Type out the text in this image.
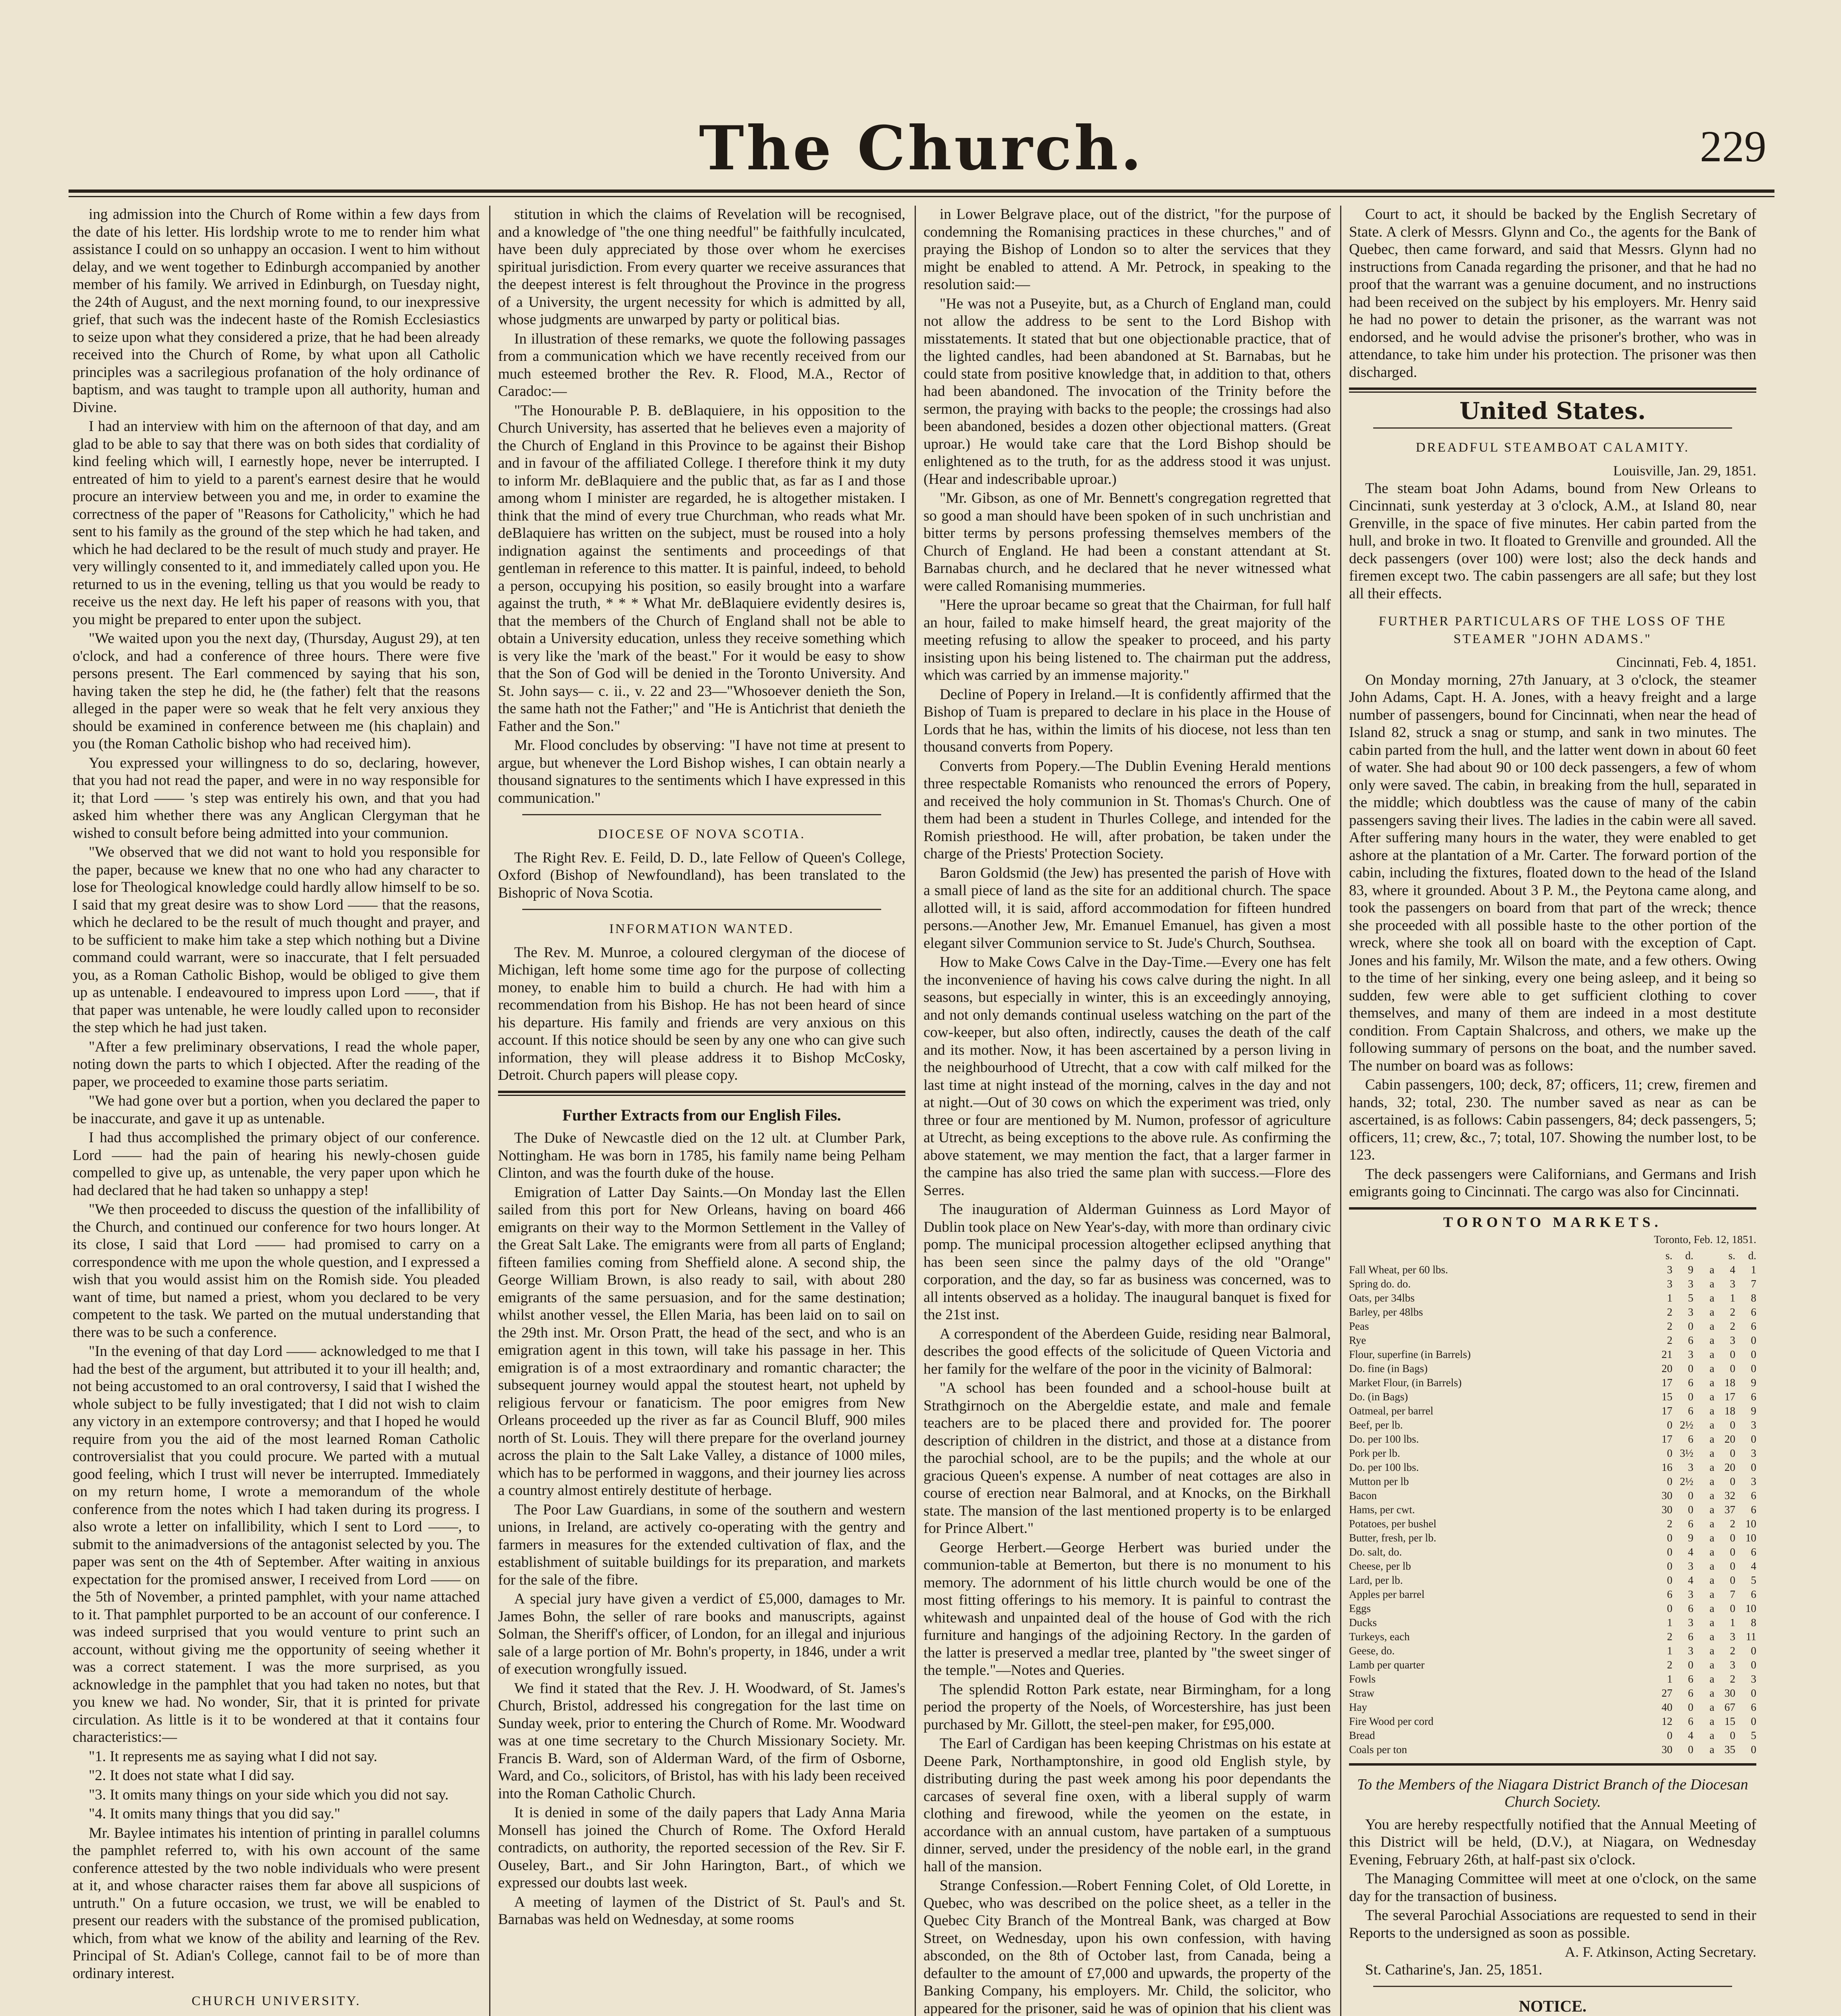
The Church.	229

ing admission into the Church of Rome within a few days from the date of his letter. His lordship wrote to me to render him what assistance I could on so unhappy an occasion. I went to him without delay, and we went together to Edinburgh accompanied by another member of his family. We arrived in Edinburgh, on Tuesday night, the 24th of August, and the next morning found, to our inexpressive grief, that such was the indecent haste of the Romish Ecclesiastics to seize upon what they considered a prize, that he had been already received into the Church of Rome, by what upon all Catholic principles was a sacrilegious profanation of the holy ordinance of baptism, and was taught to trample upon all authority, human and Divine.

I had an interview with him on the afternoon of that day, and am glad to be able to say that there was on both sides that cordiality of kind feeling which will, I earnestly hope, never be interrupted. I entreated of him to yield to a parent's earnest desire that he would procure an interview between you and me, in order to examine the correctness of the paper of "Reasons for Catholicity," which he had sent to his family as the ground of the step which he had taken, and which he had declared to be the result of much study and prayer. He very willingly consented to it, and immediately called upon you. He returned to us in the evening, telling us that you would be ready to receive us the next day. He left his paper of reasons with you, that you might be prepared to enter upon the subject.

"We waited upon you the next day, (Thursday, August 29), at ten o'clock, and had a conference of three hours. There were five persons present. The Earl commenced by saying that his son, having taken the step he did, he (the father) felt that the reasons alleged in the paper were so weak that he felt very anxious they should be examined in conference between me (his chaplain) and you (the Roman Catholic bishop who had received him).

You expressed your willingness to do so, declaring, however, that you had not read the paper, and were in no way responsible for it; that Lord —— 's step was entirely his own, and that you had asked him whether there was any Anglican Clergyman that he wished to consult before being admitted into your communion.

"We observed that we did not want to hold you responsible for the paper, because we knew that no one who had any character to lose for Theological knowledge could hardly allow himself to be so. I said that my great desire was to show Lord —— that the reasons, which he declared to be the result of much thought and prayer, and to be sufficient to make him take a step which nothing but a Divine command could warrant, were so inaccurate, that I felt persuaded you, as a Roman Catholic Bishop, would be obliged to give them up as untenable. I endeavoured to impress upon Lord ——, that if that paper was untenable, he were loudly called upon to reconsider the step which he had just taken.

"After a few preliminary observations, I read the whole paper, noting down the parts to which I objected. After the reading of the paper, we proceeded to examine those parts seriatim.

"We had gone over but a portion, when you declared the paper to be inaccurate, and gave it up as untenable.

I had thus accomplished the primary object of our conference. Lord —— had the pain of hearing his newly-chosen guide compelled to give up, as untenable, the very paper upon which he had declared that he had taken so unhappy a step!

"We then proceeded to discuss the question of the infallibility of the Church, and continued our conference for two hours longer. At its close, I said that Lord —— had promised to carry on a correspondence with me upon the whole question, and I expressed a wish that you would assist him on the Romish side. You pleaded want of time, but named a priest, whom you declared to be very competent to the task. We parted on the mutual understanding that there was to be such a conference.

"In the evening of that day Lord —— acknowledged to me that I had the best of the argument, but attributed it to your ill health; and, not being accustomed to an oral controversy, I said that I wished the whole subject to be fully investigated; that I did not wish to claim any victory in an extempore controversy; and that I hoped he would require from you the aid of the most learned Roman Catholic controversialist that you could procure. We parted with a mutual good feeling, which I trust will never be interrupted. Immediately on my return home, I wrote a memorandum of the whole conference from the notes which I had taken during its progress. I also wrote a letter on infallibility, which I sent to Lord ——, to submit to the animadversions of the antagonist selected by you. The paper was sent on the 4th of September. After waiting in anxious expectation for the promised answer, I received from Lord —— on the 5th of November, a printed pamphlet, with your name attached to it. That pamphlet purported to be an account of our conference. I was indeed surprised that you would venture to print such an account, without giving me the opportunity of seeing whether it was a correct statement. I was the more surprised, as you acknowledge in the pamphlet that you had taken no notes, but that you knew we had. No wonder, Sir, that it is printed for private circulation. As little is it to be wondered at that it contains four characteristics:—

"1. It represents me as saying what I did not say.

"2. It does not state what I did say.

"3. It omits many things on your side which you did not say.

"4. It omits many things that you did say."

Mr. Baylee intimates his intention of printing in parallel columns the pamphlet referred to, with his own account of the same conference attested by the two noble individuals who were present at it, and whose character raises them far above all suspicions of untruth." On a future occasion, we trust, we will be enabled to present our readers with the substance of the promised publication, which, from what we know of the ability and learning of the Rev. Principal of St. Adian's College, cannot fail to be of more than ordinary interest.

CHURCH UNIVERSITY.

stitution in which the claims of Revelation will be recognised, and a knowledge of "the one thing needful" be faithfully inculcated, have been duly appreciated by those over whom he exercises spiritual jurisdiction. From every quarter we receive assurances that the deepest interest is felt throughout the Province in the progress of a University, the urgent necessity for which is admitted by all, whose judgments are unwarped by party or political bias.

In illustration of these remarks, we quote the following passages from a communication which we have recently received from our much esteemed brother the Rev. R. Flood, M.A., Rector of Caradoc:—

"The Honourable P. B. deBlaquiere, in his opposition to the Church University, has asserted that he believes even a majority of the Church of England in this Province to be against their Bishop and in favour of the affiliated College. I therefore think it my duty to inform Mr. deBlaquiere and the public that, as far as I and those among whom I minister are regarded, he is altogether mistaken. I think that the mind of every true Churchman, who reads what Mr. deBlaquiere has written on the subject, must be roused into a holy indignation against the sentiments and proceedings of that gentleman in reference to this matter. It is painful, indeed, to behold a person, occupying his position, so easily brought into a warfare against the truth, * * * What Mr. deBlaquiere evidently desires is, that the members of the Church of England shall not be able to obtain a University education, unless they receive something which is very like the 'mark of the beast.'' For it would be easy to show that the Son of God will be denied in the Toronto University. And St. John says— c. ii., v. 22 and 23—"Whosoever denieth the Son, the same hath not the Father;" and "He is Antichrist that denieth the Father and the Son."

Mr. Flood concludes by observing: "I have not time at present to argue, but whenever the Lord Bishop wishes, I can obtain nearly a thousand signatures to the sentiments which I have expressed in this communication."

DIOCESE OF NOVA SCOTIA.

The Right Rev. E. Feild, D. D., late Fellow of Queen's College, Oxford (Bishop of Newfoundland), has been translated to the Bishopric of Nova Scotia.

INFORMATION WANTED.

The Rev. M. Munroe, a coloured clergyman of the diocese of Michigan, left home some time ago for the purpose of collecting money, to enable him to build a church. He had with him a recommendation from his Bishop. He has not been heard of since his departure. His family and friends are very anxious on this account. If this notice should be seen by any one who can give such information, they will please address it to Bishop McCosky, Detroit. Church papers will please copy.

Further Extracts from our English Files.

The Duke of Newcastle died on the 12 ult. at Clumber Park, Nottingham. He was born in 1785, his family name being Pelham Clinton, and was the fourth duke of the house.

Emigration of Latter Day Saints.—On Monday last the Ellen sailed from this port for New Orleans, having on board 466 emigrants on their way to the Mormon Settlement in the Valley of the Great Salt Lake. The emigrants were from all parts of England; fifteen families coming from Sheffield alone. A second ship, the George William Brown, is also ready to sail, with about 280 emigrants of the same persuasion, and for the same destination; whilst another vessel, the Ellen Maria, has been laid on to sail on the 29th inst. Mr. Orson Pratt, the head of the sect, and who is an emigration agent in this town, will take his passage in her. This emigration is of a most extraordinary and romantic character; the subsequent journey would appal the stoutest heart, not upheld by religious fervour or fanaticism. The poor emigres from New Orleans proceeded up the river as far as Council Bluff, 900 miles north of St. Louis. They will there prepare for the overland journey across the plain to the Salt Lake Valley, a distance of 1000 miles, which has to be performed in waggons, and their journey lies across a country almost entirely destitute of herbage.

The Poor Law Guardians, in some of the southern and western unions, in Ireland, are actively co-operating with the gentry and farmers in measures for the extended cultivation of flax, and the establishment of suitable buildings for its preparation, and markets for the sale of the fibre.

A special jury have given a verdict of £5,000, damages to Mr. James Bohn, the seller of rare books and manuscripts, against Solman, the Sheriff's officer, of London, for an illegal and injurious sale of a large portion of Mr. Bohn's property, in 1846, under a writ of execution wrongfully issued.

We find it stated that the Rev. J. H. Woodward, of St. James's Church, Bristol, addressed his congregation for the last time on Sunday week, prior to entering the Church of Rome. Mr. Woodward was at one time secretary to the Church Missionary Society. Mr. Francis B. Ward, son of Alderman Ward, of the firm of Osborne, Ward, and Co., solicitors, of Bristol, has with his lady been received into the Roman Catholic Church.

It is denied in some of the daily papers that Lady Anna Maria Monsell has joined the Church of Rome. The Oxford Herald contradicts, on authority, the reported secession of the Rev. Sir F. Ouseley, Bart., and Sir John Harington, Bart., of which we expressed our doubts last week.

A meeting of laymen of the District of St. Paul's and St. Barnabas was held on Wednesday, at some rooms

in Lower Belgrave place, out of the district, "for the purpose of condemning the Romanising practices in these churches," and of praying the Bishop of London so to alter the services that they might be enabled to attend. A Mr. Petrock, in speaking to the resolution said:—

"He was not a Puseyite, but, as a Church of England man, could not allow the address to be sent to the Lord Bishop with misstatements. It stated that but one objectionable practice, that of the lighted candles, had been abandoned at St. Barnabas, but he could state from positive knowledge that, in addition to that, others had been abandoned. The invocation of the Trinity before the sermon, the praying with backs to the people; the crossings had also been abandoned, besides a dozen other objectional matters. (Great uproar.) He would take care that the Lord Bishop should be enlightened as to the truth, for as the address stood it was unjust. (Hear and indescribable uproar.)

"Mr. Gibson, as one of Mr. Bennett's congregation regretted that so good a man should have been spoken of in such unchristian and bitter terms by persons professing themselves members of the Church of England. He had been a constant attendant at St. Barnabas church, and he declared that he never witnessed what were called Romanising mummeries.

"Here the uproar became so great that the Chairman, for full half an hour, failed to make himself heard, the great majority of the meeting refusing to allow the speaker to proceed, and his party insisting upon his being listened to. The chairman put the address, which was carried by an immense majority."

Decline of Popery in Ireland.—It is confidently affirmed that the Bishop of Tuam is prepared to declare in his place in the House of Lords that he has, within the limits of his diocese, not less than ten thousand converts from Popery.

Converts from Popery.—The Dublin Evening Herald mentions three respectable Romanists who renounced the errors of Popery, and received the holy communion in St. Thomas's Church. One of them had been a student in Thurles College, and intended for the Romish priesthood. He will, after probation, be taken under the charge of the Priests' Protection Society.

Baron Goldsmid (the Jew) has presented the parish of Hove with a small piece of land as the site for an additional church. The space allotted will, it is said, afford accommodation for fifteen hundred persons.—Another Jew, Mr. Emanuel Emanuel, has given a most elegant silver Communion service to St. Jude's Church, Southsea.

How to Make Cows Calve in the Day-Time.—Every one has felt the inconvenience of having his cows calve during the night. In all seasons, but especially in winter, this is an exceedingly annoying, and not only demands continual useless watching on the part of the cow-keeper, but also often, indirectly, causes the death of the calf and its mother. Now, it has been ascertained by a person living in the neighbourhood of Utrecht, that a cow with calf milked for the last time at night instead of the morning, calves in the day and not at night.—Out of 30 cows on which the experiment was tried, only three or four are mentioned by M. Numon, professor of agriculture at Utrecht, as being exceptions to the above rule. As confirming the above statement, we may mention the fact, that a larger farmer in the campine has also tried the same plan with success.—Flore des Serres.

The inauguration of Alderman Guinness as Lord Mayor of Dublin took place on New Year's-day, with more than ordinary civic pomp. The municipal procession altogether eclipsed anything that has been seen since the palmy days of the old "Orange" corporation, and the day, so far as business was concerned, was to all intents observed as a holiday. The inaugural banquet is fixed for the 21st inst.

A correspondent of the Aberdeen Guide, residing near Balmoral, describes the good effects of the solicitude of Queen Victoria and her family for the welfare of the poor in the vicinity of Balmoral:

"A school has been founded and a school-house built at Strathgirnoch on the Abergeldie estate, and male and female teachers are to be placed there and provided for. The poorer description of children in the district, and those at a distance from the parochial school, are to be the pupils; and the whole at our gracious Queen's expense. A number of neat cottages are also in course of erection near Balmoral, and at Knocks, on the Birkhall state. The mansion of the last mentioned property is to be enlarged for Prince Albert."

George Herbert.—George Herbert was buried under the communion-table at Bemerton, but there is no monument to his memory. The adornment of his little church would be one of the most fitting offerings to his memory. It is painful to contrast the whitewash and unpainted deal of the house of God with the rich furniture and hangings of the adjoining Rectory. In the garden of the latter is preserved a medlar tree, planted by "the sweet singer of the temple."—Notes and Queries.

The splendid Rotton Park estate, near Birmingham, for a long period the property of the Noels, of Worcestershire, has just been purchased by Mr. Gillott, the steel-pen maker, for £95,000.

The Earl of Cardigan has been keeping Christmas on his estate at Deene Park, Northamptonshire, in good old English style, by distributing during the past week among his poor dependants the carcases of several fine oxen, with a liberal supply of warm clothing and firewood, while the yeomen on the estate, in accordance with an annual custom, have partaken of a sumptuous dinner, served, under the presidency of the noble earl, in the grand hall of the mansion.

Strange Confession.—Robert Fenning Colet, of Old Lorette, in Quebec, who was described on the police sheet, as a teller in the Quebec City Branch of the Montreal Bank, was charged at Bow Street, on Wednesday, upon his own confession, with having absconded, on the 8th of October last, from Canada, being a defaulter to the amount of £7,000 and upwards, the property of the Banking Company, his employers. Mr. Child, the solicitor, who appeared for the prisoner, said he was of opinion that his client was

Court to act, it should be backed by the English Secretary of State. A clerk of Messrs. Glynn and Co., the agents for the Bank of Quebec, then came forward, and said that Messrs. Glynn had no instructions from Canada regarding the prisoner, and that he had no proof that the warrant was a genuine document, and no instructions had been received on the subject by his employers. Mr. Henry said he had no power to detain the prisoner, as the warrant was not endorsed, and he would advise the prisoner's brother, who was in attendance, to take him under his protection. The prisoner was then discharged.

United States.
DREADFUL STEAMBOAT CALAMITY.
Louisville, Jan. 29, 1851.

The steam boat John Adams, bound from New Orleans to Cincinnati, sunk yesterday at 3 o'clock, A.M., at Island 80, near Grenville, in the space of five minutes. Her cabin parted from the hull, and broke in two. It floated to Grenville and grounded. All the deck passengers (over 100) were lost; also the deck hands and firemen except two. The cabin passengers are all safe; but they lost all their effects.

FURTHER PARTICULARS OF THE LOSS OF THE STEAMER "JOHN ADAMS."
Cincinnati, Feb. 4, 1851.

On Monday morning, 27th January, at 3 o'clock, the steamer John Adams, Capt. H. A. Jones, with a heavy freight and a large number of passengers, bound for Cincinnati, when near the head of Island 82, struck a snag or stump, and sank in two minutes. The cabin parted from the hull, and the latter went down in about 60 feet of water. She had about 90 or 100 deck passengers, a few of whom only were saved. The cabin, in breaking from the hull, separated in the middle; which doubtless was the cause of many of the cabin passengers saving their lives. The ladies in the cabin were all saved. After suffering many hours in the water, they were enabled to get ashore at the plantation of a Mr. Carter. The forward portion of the cabin, including the fixtures, floated down to the head of the Island 83, where it grounded. About 3 P. M., the Peytona came along, and took the passengers on board from that part of the wreck; thence she proceeded with all possible haste to the other portion of the wreck, where she took all on board with the exception of Capt. Jones and his family, Mr. Wilson the mate, and a few others. Owing to the time of her sinking, every one being asleep, and it being so sudden, few were able to get sufficient clothing to cover themselves, and many of them are indeed in a most destitute condition. From Captain Shalcross, and others, we make up the following summary of persons on the boat, and the number saved. The number on board was as follows:

Cabin passengers, 100; deck, 87; officers, 11; crew, firemen and hands, 32; total, 230. The number saved as near as can be ascertained, is as follows: Cabin passengers, 84; deck passengers, 5; officers, 11; crew, &c., 7; total, 107. Showing the number lost, to be 123.

The deck passengers were Californians, and Germans and Irish emigrants going to Cincinnati. The cargo was also for Cincinnati.

TORONTO MARKETS.
Toronto, Feb. 12, 1851.
	s.	d.		s.	d.
Fall Wheat, per 60 lbs.	3	9	a	4	1
Spring do. do.	3	3	a	3	7
Oats, per 34lbs	1	5	a	1	8
Barley, per 48lbs	2	3	a	2	6
Peas	2	0	a	2	6
Rye	2	6	a	3	0
Flour, superfine (in Barrels)	21	3	a	0	0
Do. fine (in Bags)	20	0	a	0	0
Market Flour, (in Barrels)	17	6	a	18	9
Do. (in Bags)	15	0	a	17	6
Oatmeal, per barrel	17	6	a	18	9
Beef, per lb.	0	2½	a	0	3
Do. per 100 lbs.	17	6	a	20	0
Pork per lb.	0	3½	a	0	3
Do. per 100 lbs.	16	3	a	20	0
Mutton per lb	0	2½	a	0	3
Bacon	30	0	a	32	6
Hams, per cwt.	30	0	a	37	6
Potatoes, per bushel	2	6	a	2	10
Butter, fresh, per lb.	0	9	a	0	10
Do. salt, do.	0	4	a	0	6
Cheese, per lb	0	3	a	0	4
Lard, per lb.	0	4	a	0	5
Apples per barrel	6	3	a	7	6
Eggs	0	6	a	0	10
Ducks	1	3	a	1	8
Turkeys, each	2	6	a	3	11
Geese, do.	1	3	a	2	0
Lamb per quarter	2	0	a	3	0
Fowls	1	6	a	2	3
Straw	27	6	a	30	0
Hay	40	0	a	67	6
Fire Wood per cord	12	6	a	15	0
Bread	0	4	a	0	5
Coals per ton	30	0	a	35	0
To the Members of the Niagara District Branch of the Diocesan Church Society.

You are hereby respectfully notified that the Annual Meeting of this District will be held, (D.V.), at Niagara, on Wednesday Evening, February 26th, at half-past six o'clock.

The Managing Committee will meet at one o'clock, on the same day for the transaction of business.

The several Parochial Associations are requested to send in their Reports to the undersigned as soon as possible.

A. F. Atkinson, Acting Secretary.

St. Catharine's, Jan. 25, 1851.

NOTICE.
